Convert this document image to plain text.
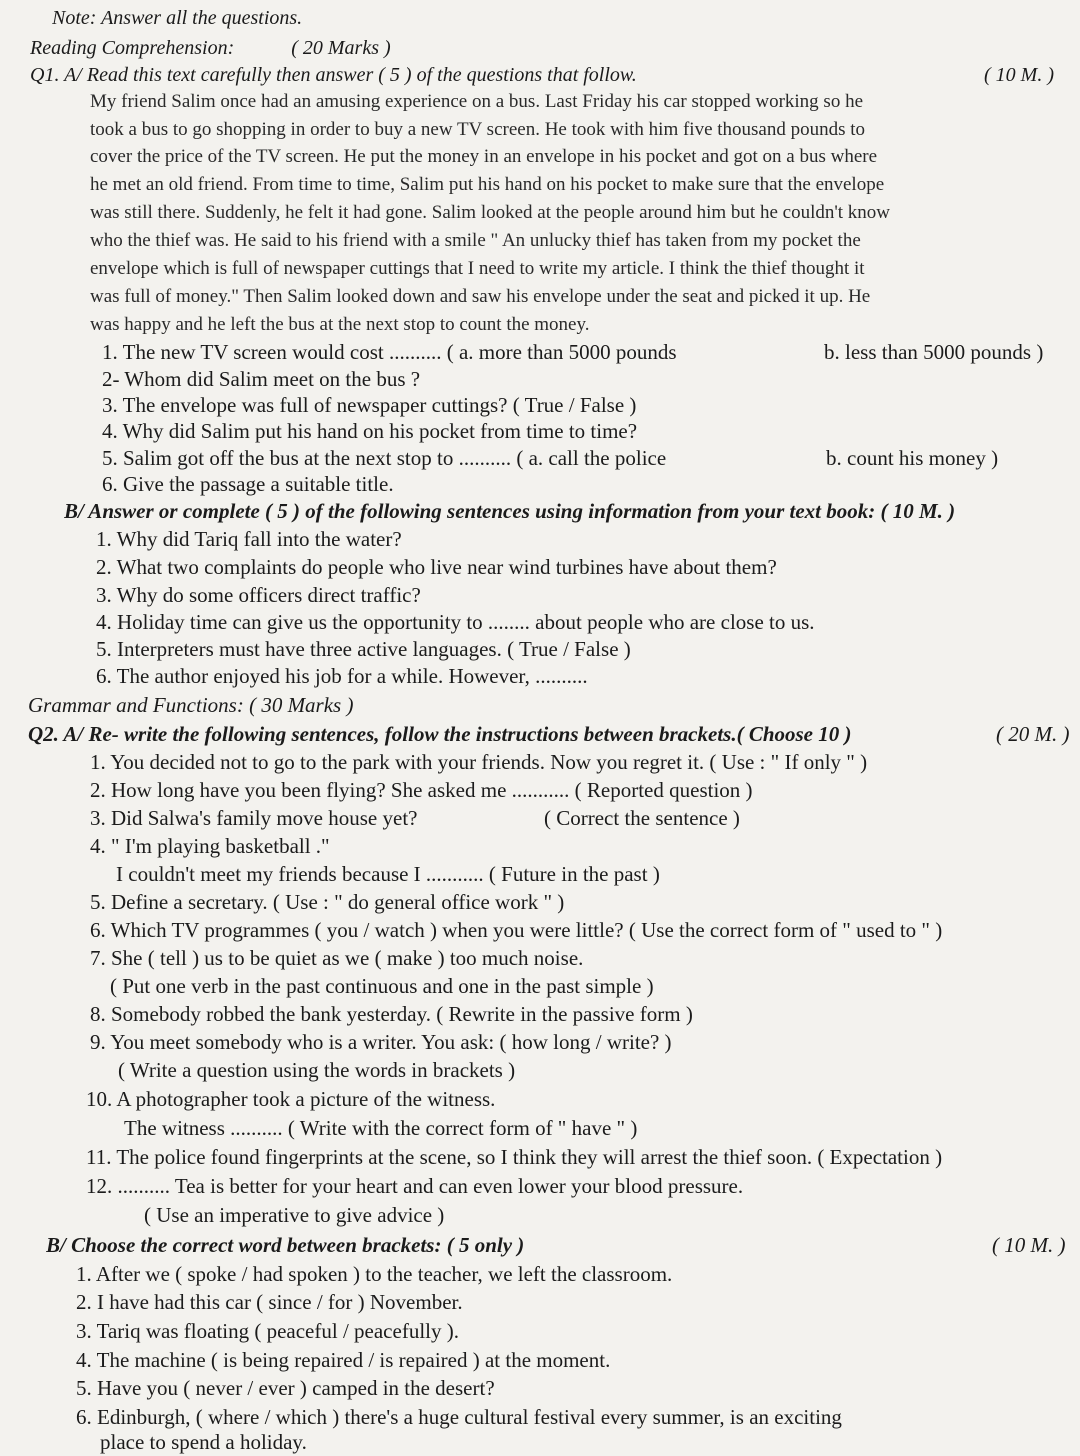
Note: Answer all the questions.
Reading Comprehension:	( 20 Marks )
Q1. A/ Read this text carefully then answer ( 5 ) of the questions that follow.	( 10 M. )
My friend Salim once had an amusing experience on a bus. Last Friday his car stopped working so he
took a bus to go shopping in order to buy a new TV screen. He took with him five thousand pounds to
cover the price of the TV screen. He put the money in an envelope in his pocket and got on a bus where
he met an old friend. From time to time, Salim put his hand on his pocket to make sure that the envelope
was still there. Suddenly, he felt it had gone. Salim looked at the people around him but he couldn't know
who the thief was. He said to his friend with a smile " An unlucky thief has taken from my pocket the
envelope which is full of newspaper cuttings that I need to write my article. I think the thief thought it
was full of money." Then Salim looked down and saw his envelope under the seat and picked it up. He
was happy and he left the bus at the next stop to count the money.
1. The new TV screen would cost .......... ( a. more than 5000 pounds	b. less than 5000 pounds )
2- Whom did Salim meet on the bus ?
3. The envelope was full of newspaper cuttings? ( True / False )
4. Why did Salim put his hand on his pocket from time to time?
5. Salim got off the bus at the next stop to .......... ( a. call the police	b. count his money )
6. Give the passage a suitable title.
B/ Answer or complete ( 5 ) of the following sentences using information from your text book: ( 10 M. )
1. Why did Tariq fall into the water?
2. What two complaints do people who live near wind turbines have about them?
3. Why do some officers direct traffic?
4. Holiday time can give us the opportunity to ........ about people who are close to us.
5. Interpreters must have three active languages. ( True / False )
6. The author enjoyed his job for a while. However, ..........
Grammar and Functions: ( 30 Marks )
Q2. A/ Re- write the following sentences, follow the instructions between brackets.( Choose 10 )	( 20 M. )
1. You decided not to go to the park with your friends. Now you regret it. ( Use : " If only " )
2. How long have you been flying? She asked me ........... ( Reported question )
3. Did Salwa's family move house yet?	( Correct the sentence )
4. " I'm playing basketball ."
I couldn't meet my friends because I ........... ( Future in the past )
5. Define a secretary. ( Use : " do general office work " )
6. Which TV programmes ( you / watch ) when you were little? ( Use the correct form of " used to " )
7. She ( tell ) us to be quiet as we ( make ) too much noise.
( Put one verb in the past continuous and one in the past simple )
8. Somebody robbed the bank yesterday. ( Rewrite in the passive form )
9. You meet somebody who is a writer. You ask: ( how long / write? )
( Write a question using the words in brackets )
10. A photographer took a picture of the witness.
The witness .......... ( Write with the correct form of " have " )
11. The police found fingerprints at the scene, so I think they will arrest the thief soon. ( Expectation )
12. .......... Tea is better for your heart and can even lower your blood pressure.
( Use an imperative to give advice )
B/ Choose the correct word between brackets: ( 5 only )	( 10 M. )
1. After we ( spoke / had spoken ) to the teacher, we left the classroom.
2. I have had this car ( since / for ) November.
3. Tariq was floating ( peaceful / peacefully ).
4. The machine ( is being repaired / is repaired ) at the moment.
5. Have you ( never / ever ) camped in the desert?
6. Edinburgh, ( where / which ) there's a huge cultural festival every summer, is an exciting
place to spend a holiday.
